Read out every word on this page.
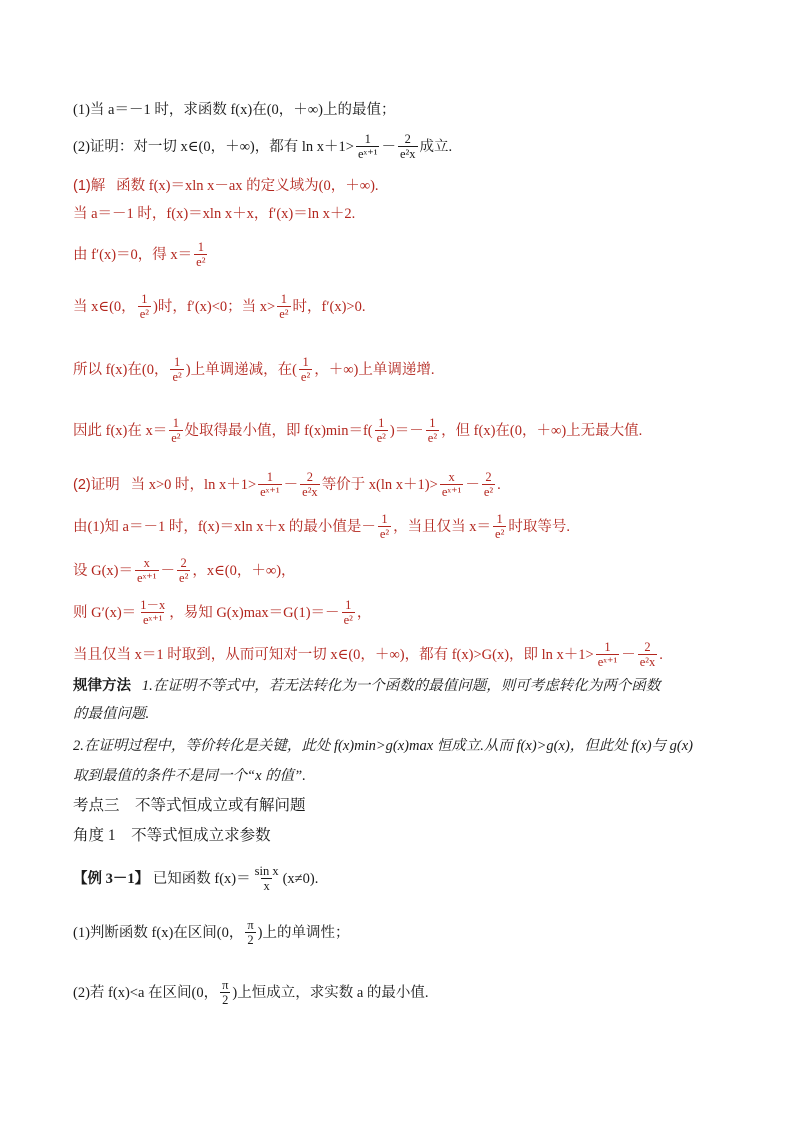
(1)当 a＝－1 时，求函数 f(x)在(0，＋∞)上的最值；
(2)证明：对一切 x∈(0，＋∞)，都有 $\ln x+1> \frac{1}{\text{eˣ⁺¹}} - \frac{2}{\text{e²x}}$ 成立.
(1)解
函数 f(x)＝xln x－ax 的定义域为(0，＋∞).
当 a＝－1 时，f(x)＝xln x＋x，f′(x)＝ln x＋2.
由 f′(x)＝0，得 $x= \frac{1}{\text{e²}}$
当 x∈(0， $\frac{1}{\text{e²}}$ )时，f′(x)<0；当 $x> \frac{1}{\text{e²}}$ 时，f′(x)>0.
所以 f(x)在(0， $\frac{1}{\text{e²}}$ )上单调递减，在( $\frac{1}{\text{e²}}$ ，＋∞)上单调递增.
因此 f(x)在 $x= \frac{1}{\text{e²}}$ 处取得最小值，即 $f(x)\min=f( \frac{1}{\text{e²}}$ )＝－ $\frac{1}{\text{e²}}$ ，但 f(x)在(0，＋∞)上无最大值.
(2)证明
当 x>0 时，$\ln x+1> \frac{1}{\text{eˣ⁺¹}} - \frac{2}{\text{e²x}}$ 等价于 x(ln $x+1)> \frac{x}{\text{eˣ⁺¹}} - \frac{2}{\text{e²}}$ .
由(1)知 a＝－1 时，f(x)＝xln x＋x 的最小值是－ $\frac{1}{\text{e²}}$ ，当且仅当 $x= \frac{1}{\text{e²}}$ 时取等号.
设 $G(x)= \frac{x}{\text{eˣ⁺¹}} - \frac{2}{\text{e²}}$ ，x∈(0，＋∞)，
则 $G'(x)= \frac{1-x}{\text{eˣ⁺¹}}$ ，易知 $G(x)\max=G(1)=- \frac{1}{\text{e²}}$ ，
当且仅当 x＝1 时取到，从而可知对一切 x∈(0，＋∞)，都有 f(x)>G(x)，即 $\ln x+1> \frac{1}{\text{eˣ⁺¹}} - \frac{2}{\text{e²x}}$ .
规律方法
1.在证明不等式中，若无法转化为一个函数的最值问题，则可考虑转化为两个函数
的最值问题.
2.在证明过程中，等价转化是关键，此处 f(x)min>g(x)max 恒成立.从而 f(x)>g(x)，但此处 f(x)与 g(x)
取到最值的条件不是同一个“x 的值”.
考点三　不等式恒成立或有解问题
角度 1　不等式恒成立求参数
【例 3－1】
已知函数 $f(x)= \frac{\text{sin x}}{x} (x\ne 0)$.
(1)判断函数 f(x)在区间(0， $\frac{\pi}{2}$ )上的单调性；
(2)若 f(x)<a 在区间(0， $\frac{\pi}{2}$ )上恒成立，求实数 a 的最小值.
